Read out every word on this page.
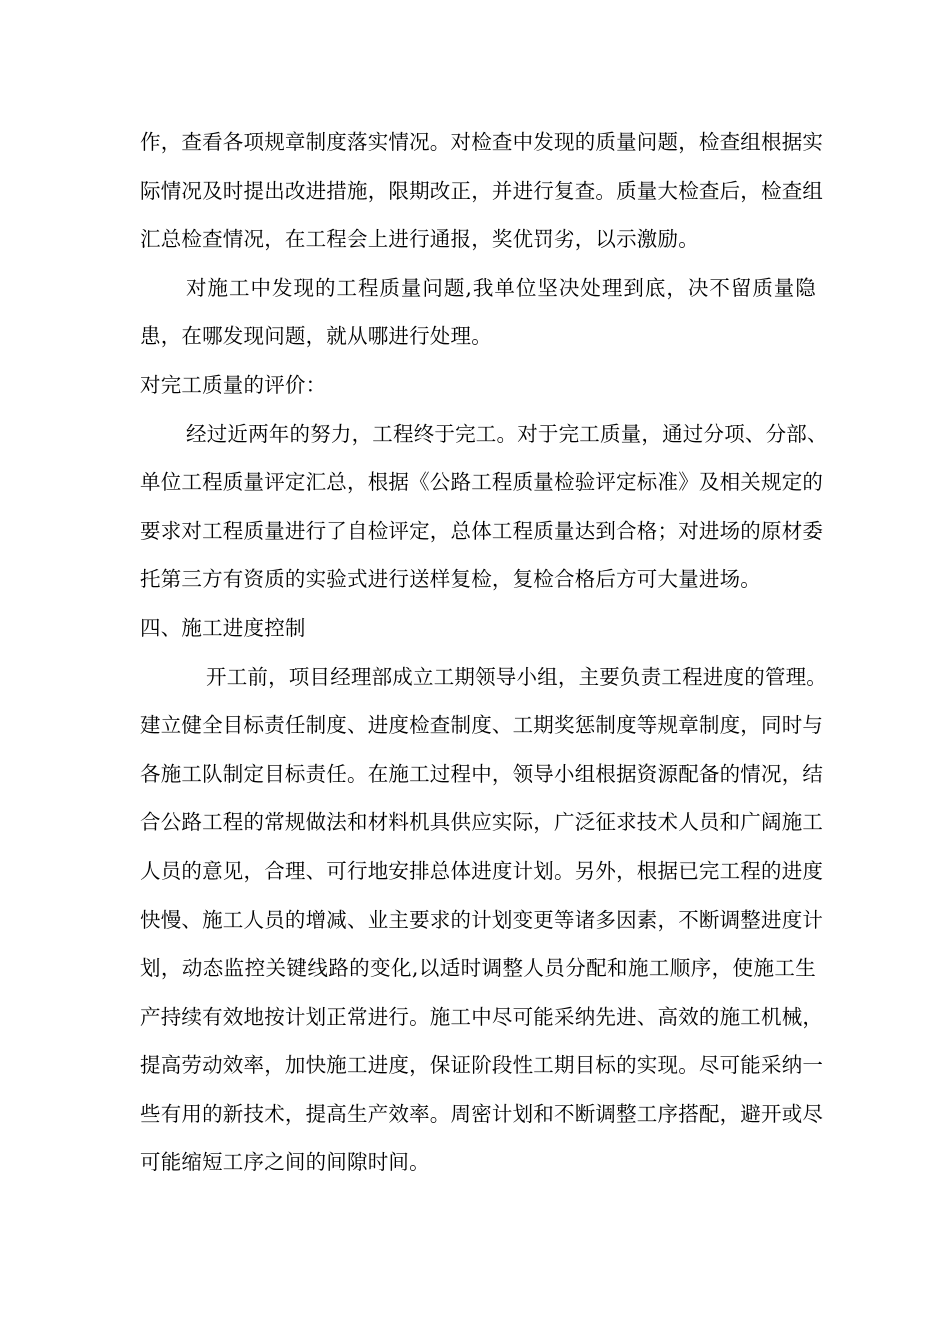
作，查看各项规章制度落实情况。对检查中发现的质量问题，检查组根据实
际情况及时提出改进措施，限期改正，并进行复查。质量大检查后，检查组
汇总检查情况，在工程会上进行通报，奖优罚劣，以示激励。
对施工中发现的工程质量问题,我单位坚决处理到底，决不留质量隐
患，在哪发现问题，就从哪进行处理。
对完工质量的评价：
经过近两年的努力，工程终于完工。对于完工质量，通过分项、分部、
单位工程质量评定汇总，根据《公路工程质量检验评定标准》及相关规定的
要求对工程质量进行了自检评定，总体工程质量达到合格；对进场的原材委
托第三方有资质的实验式进行送样复检，复检合格后方可大量进场。
四、施工进度控制
开工前，项目经理部成立工期领导小组，主要负责工程进度的管理。
建立健全目标责任制度、进度检查制度、工期奖惩制度等规章制度，同时与
各施工队制定目标责任。在施工过程中，领导小组根据资源配备的情况，结
合公路工程的常规做法和材料机具供应实际，广泛征求技术人员和广阔施工
人员的意见，合理、可行地安排总体进度计划。另外，根据已完工程的进度
快慢、施工人员的增减、业主要求的计划变更等诸多因素，不断调整进度计
划，动态监控关键线路的变化,以适时调整人员分配和施工顺序，使施工生
产持续有效地按计划正常进行。施工中尽可能采纳先进、高效的施工机械，
提高劳动效率，加快施工进度，保证阶段性工期目标的实现。尽可能采纳一
些有用的新技术，提高生产效率。周密计划和不断调整工序搭配，避开或尽
可能缩短工序之间的间隙时间。
